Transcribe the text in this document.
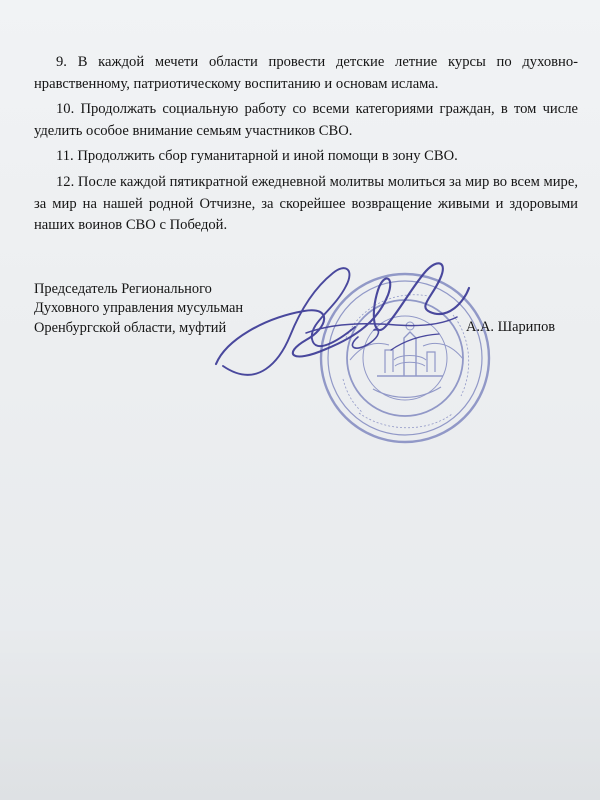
9. В каждой мечети области провести детские летние курсы по духовно-нравственному, патриотическому воспитанию и основам ислама.

10. Продолжать социальную работу со всеми категориями граждан, в том числе уделить особое внимание семьям участников СВО.

11. Продолжить сбор гуманитарной и иной помощи в зону СВО.

12. После каждой пятикратной ежедневной молитвы молиться за мир во всем мире, за мир на нашей родной Отчизне, за скорейшее возвращение живыми и здоровыми наших воинов СВО с Победой.

Председатель Регионального
Духовного управления мусульман
Оренбургской области, муфтий	А.А. Шарипов
